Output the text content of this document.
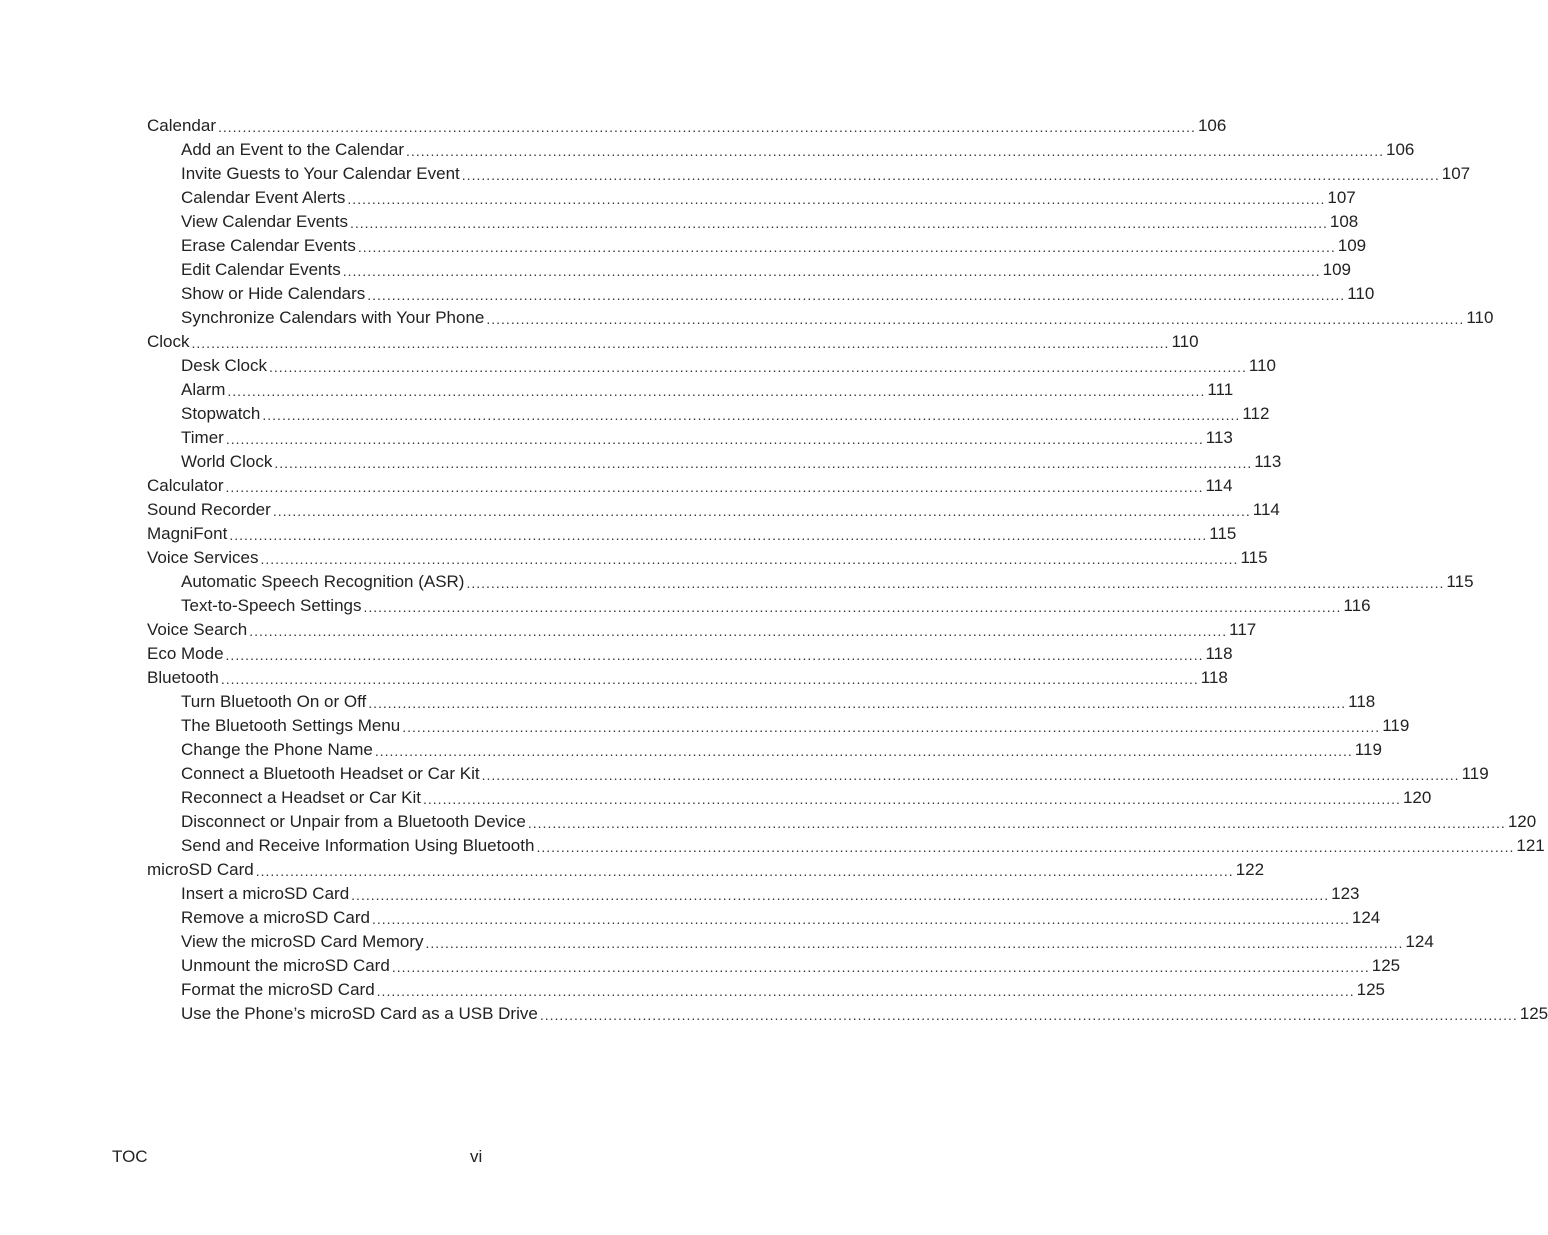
Calendar ........................................................................................................................................................................................................ 106
Add an Event to the Calendar ........................................................................................................................................................................................................ 106
Invite Guests to Your Calendar Event ........................................................................................................................................................................................................ 107
Calendar Event Alerts ........................................................................................................................................................................................................ 107
View Calendar Events ........................................................................................................................................................................................................ 108
Erase Calendar Events ........................................................................................................................................................................................................ 109
Edit Calendar Events ........................................................................................................................................................................................................ 109
Show or Hide Calendars ........................................................................................................................................................................................................ 110
Synchronize Calendars with Your Phone ........................................................................................................................................................................................................ 110
Clock ........................................................................................................................................................................................................ 110
Desk Clock ........................................................................................................................................................................................................ 110
Alarm ........................................................................................................................................................................................................ 111
Stopwatch ........................................................................................................................................................................................................ 112
Timer ........................................................................................................................................................................................................ 113
World Clock ........................................................................................................................................................................................................ 113
Calculator ........................................................................................................................................................................................................ 114
Sound Recorder ........................................................................................................................................................................................................ 114
MagniFont ........................................................................................................................................................................................................ 115
Voice Services ........................................................................................................................................................................................................ 115
Automatic Speech Recognition (ASR) ........................................................................................................................................................................................................ 115
Text-to-Speech Settings ........................................................................................................................................................................................................ 116
Voice Search ........................................................................................................................................................................................................ 117
Eco Mode ........................................................................................................................................................................................................ 118
Bluetooth ........................................................................................................................................................................................................ 118
Turn Bluetooth On or Off ........................................................................................................................................................................................................ 118
The Bluetooth Settings Menu ........................................................................................................................................................................................................ 119
Change the Phone Name ........................................................................................................................................................................................................ 119
Connect a Bluetooth Headset or Car Kit ........................................................................................................................................................................................................ 119
Reconnect a Headset or Car Kit ........................................................................................................................................................................................................ 120
Disconnect or Unpair from a Bluetooth Device ........................................................................................................................................................................................................ 120
Send and Receive Information Using Bluetooth ........................................................................................................................................................................................................ 121
microSD Card ........................................................................................................................................................................................................ 122
Insert a microSD Card ........................................................................................................................................................................................................ 123
Remove a microSD Card ........................................................................................................................................................................................................ 124
View the microSD Card Memory ........................................................................................................................................................................................................ 124
Unmount the microSD Card ........................................................................................................................................................................................................ 125
Format the microSD Card ........................................................................................................................................................................................................ 125
Use the Phone’s microSD Card as a USB Drive ........................................................................................................................................................................................................ 125
TOC	vi
